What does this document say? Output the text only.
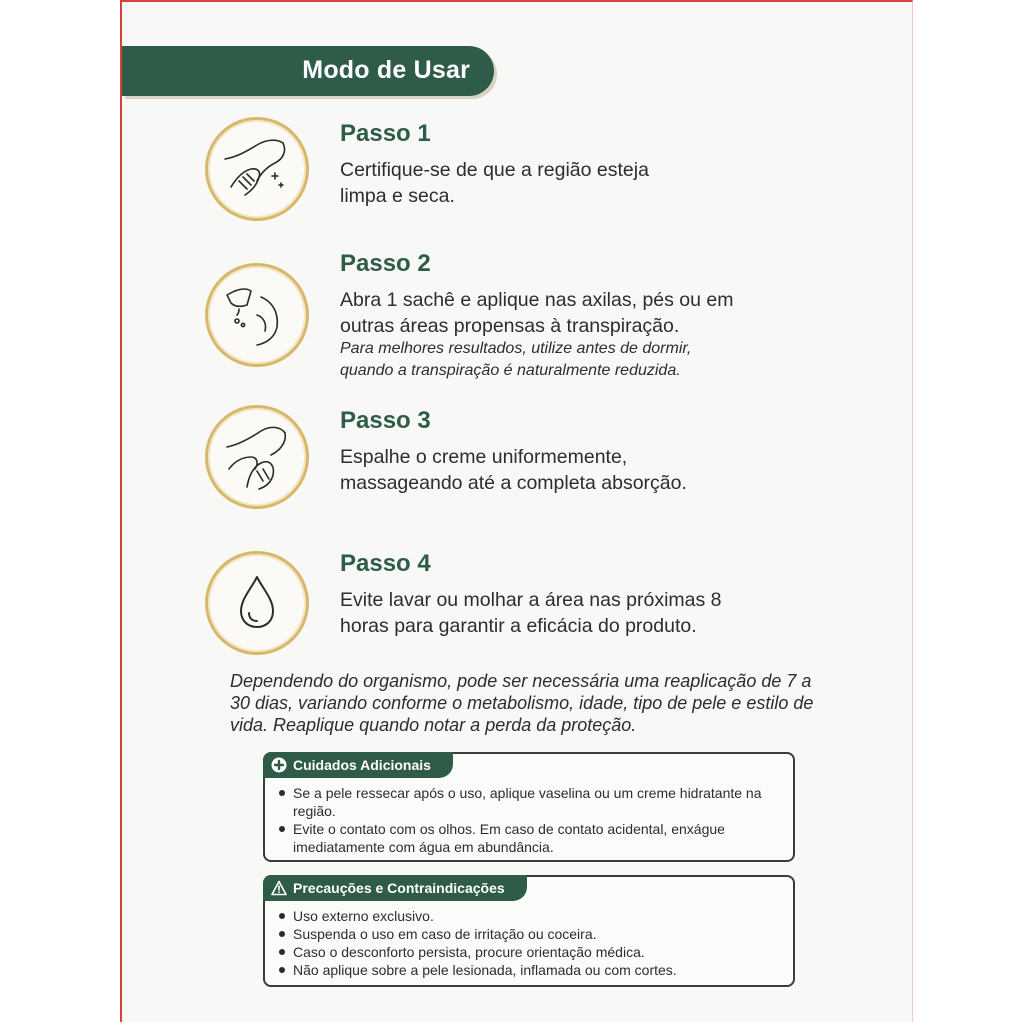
Modo de Usar
Passo 1
Certifique-se de que a região esteja
limpa e seca.
Passo 2
Abra 1 sachê e aplique nas axilas, pés ou em
outras áreas propensas à transpiração.
Para melhores resultados, utilize antes de dormir,
quando a transpiração é naturalmente reduzida.
Passo 3
Espalhe o creme uniformemente,
massageando até a completa absorção.
Passo 4
Evite lavar ou molhar a área nas próximas 8
horas para garantir a eficácia do produto.
Dependendo do organismo, pode ser necessária uma reaplicação de 7 a
30 dias, variando conforme o metabolismo, idade, tipo de pele e estilo de
vida. Reaplique quando notar a perda da proteção.
Cuidados Adicionais
Se a pele ressecar após o uso, aplique vaselina ou um creme hidratante na região.
Evite o contato com os olhos. Em caso de contato acidental, enxágue imediatamente com água em abundância.
Precauções e Contraindicações
Uso externo exclusivo.
Suspenda o uso em caso de irritação ou coceira.
Caso o desconforto persista, procure orientação médica.
Não aplique sobre a pele lesionada, inflamada ou com cortes.
